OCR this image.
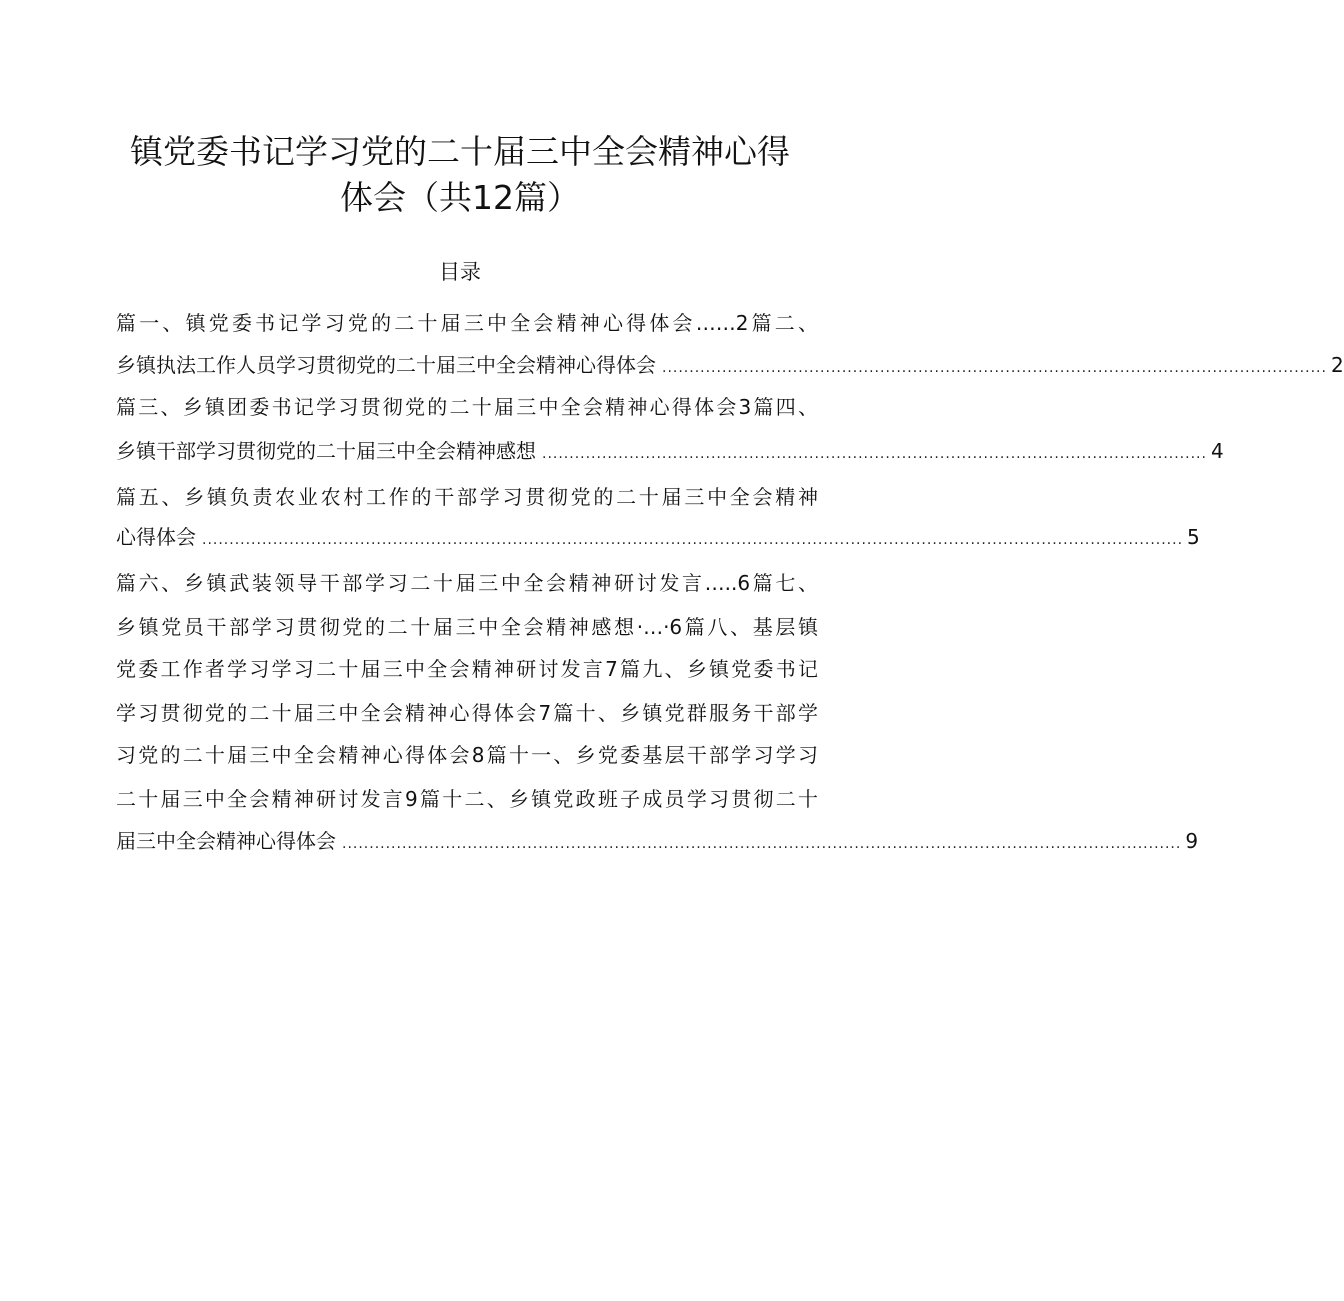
镇党委书记学习党的二十届三中全会精神心得
体会（共12篇）
目录
篇一、镇党委书记学习党的二十届三中全会精神心得体会……2篇二、
乡镇执法工作人员学习贯彻党的二十届三中全会精神心得体会 .......................................................................................................................... 2
篇三、乡镇团委书记学习贯彻党的二十届三中全会精神心得体会3篇四、
乡镇干部学习贯彻党的二十届三中全会精神感想 .......................................................................................................................... 4
篇五、乡镇负责农业农村工作的干部学习贯彻党的二十届三中全会精神
心得体会 .................................................................................................................................................................................... 5
篇六、乡镇武装领导干部学习二十届三中全会精神研讨发言…..6篇七、
乡镇党员干部学习贯彻党的二十届三中全会精神感想·…·6篇八、基层镇
党委工作者学习学习二十届三中全会精神研讨发言7篇九、乡镇党委书记
学习贯彻党的二十届三中全会精神心得体会7篇十、乡镇党群服务干部学
习党的二十届三中全会精神心得体会8篇十一、乡党委基层干部学习学习
二十届三中全会精神研讨发言9篇十二、乡镇党政班子成员学习贯彻二十
届三中全会精神心得体会 .......................................................................................................................................................... 9
